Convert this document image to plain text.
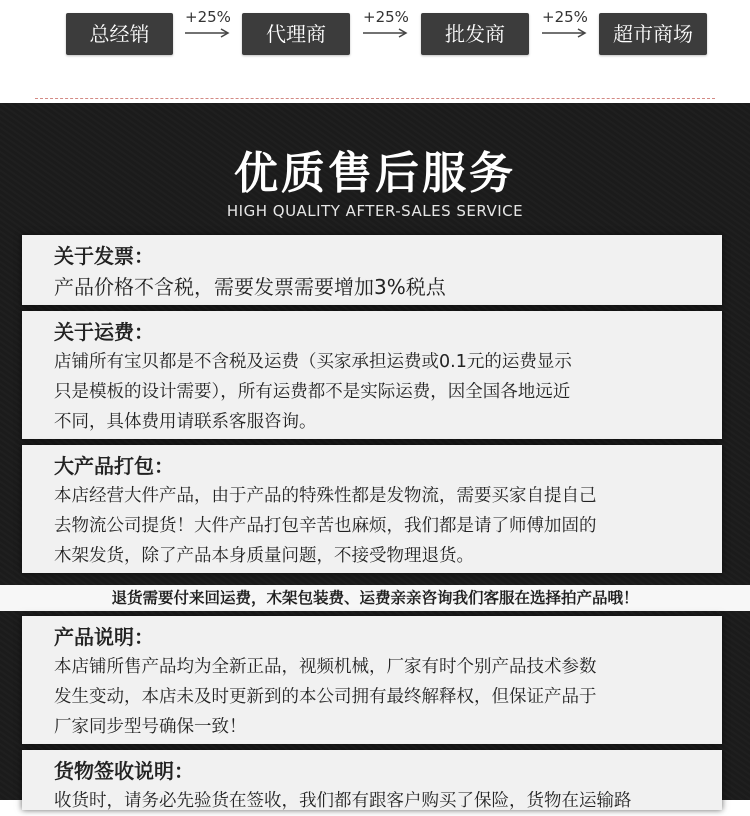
总经销
+25%
代理商
+25%
批发商
+25%
超市商场
优质售后服务
HIGH QUALITY AFTER-SALES SERVICE
关于发票：
产品价格不含税，需要发票需要增加3%税点
关于运费：
店铺所有宝贝都是不含税及运费（买家承担运费或0.1元的运费显示
只是模板的设计需要），所有运费都不是实际运费，因全国各地远近
不同，具体费用请联系客服咨询。
大产品打包：
本店经营大件产品，由于产品的特殊性都是发物流，需要买家自提自己
去物流公司提货！大件产品打包辛苦也麻烦，我们都是请了师傅加固的
木架发货，除了产品本身质量问题，不接受物理退货。
退货需要付来回运费，木架包装费、运费亲亲咨询我们客服在选择拍产品哦！
产品说明：
本店铺所售产品均为全新正品，视频机械，厂家有时个别产品技术参数
发生变动，本店未及时更新到的本公司拥有最终解释权，但保证产品于
厂家同步型号确保一致！
货物签收说明：
收货时，请务必先验货在签收，我们都有跟客户购买了保险，货物在运输路
